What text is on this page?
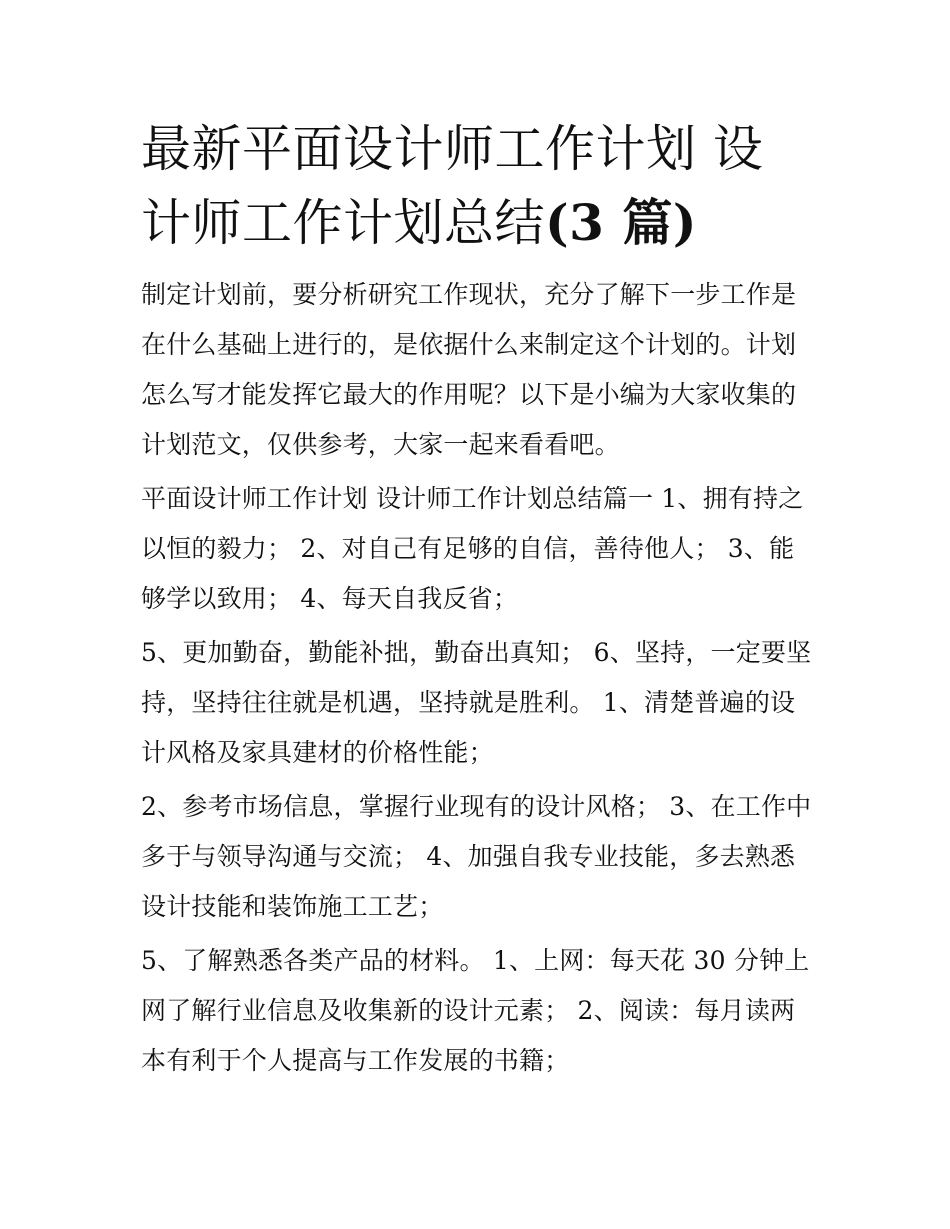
最新平面设计师工作计划 设计师工作计划总结(3 篇)

制定计划前，要分析研究工作现状，充分了解下一步工作是在什么基础上进行的，是依据什么来制定这个计划的。计划怎么写才能发挥它最大的作用呢？以下是小编为大家收集的计划范文，仅供参考，大家一起来看看吧。

平面设计师工作计划 设计师工作计划总结篇一 1、拥有持之以恒的毅力； 2、对自己有足够的自信，善待他人； 3、能够学以致用； 4、每天自我反省；

5、更加勤奋，勤能补拙，勤奋出真知； 6、坚持，一定要坚持，坚持往往就是机遇，坚持就是胜利。 1、清楚普遍的设计风格及家具建材的价格性能；

2、参考市场信息，掌握行业现有的设计风格； 3、在工作中多于与领导沟通与交流； 4、加强自我专业技能，多去熟悉设计技能和装饰施工工艺；

5、了解熟悉各类产品的材料。 1、上网：每天花 30 分钟上网了解行业信息及收集新的设计元素； 2、阅读：每月读两本有利于个人提高与工作发展的书籍；
